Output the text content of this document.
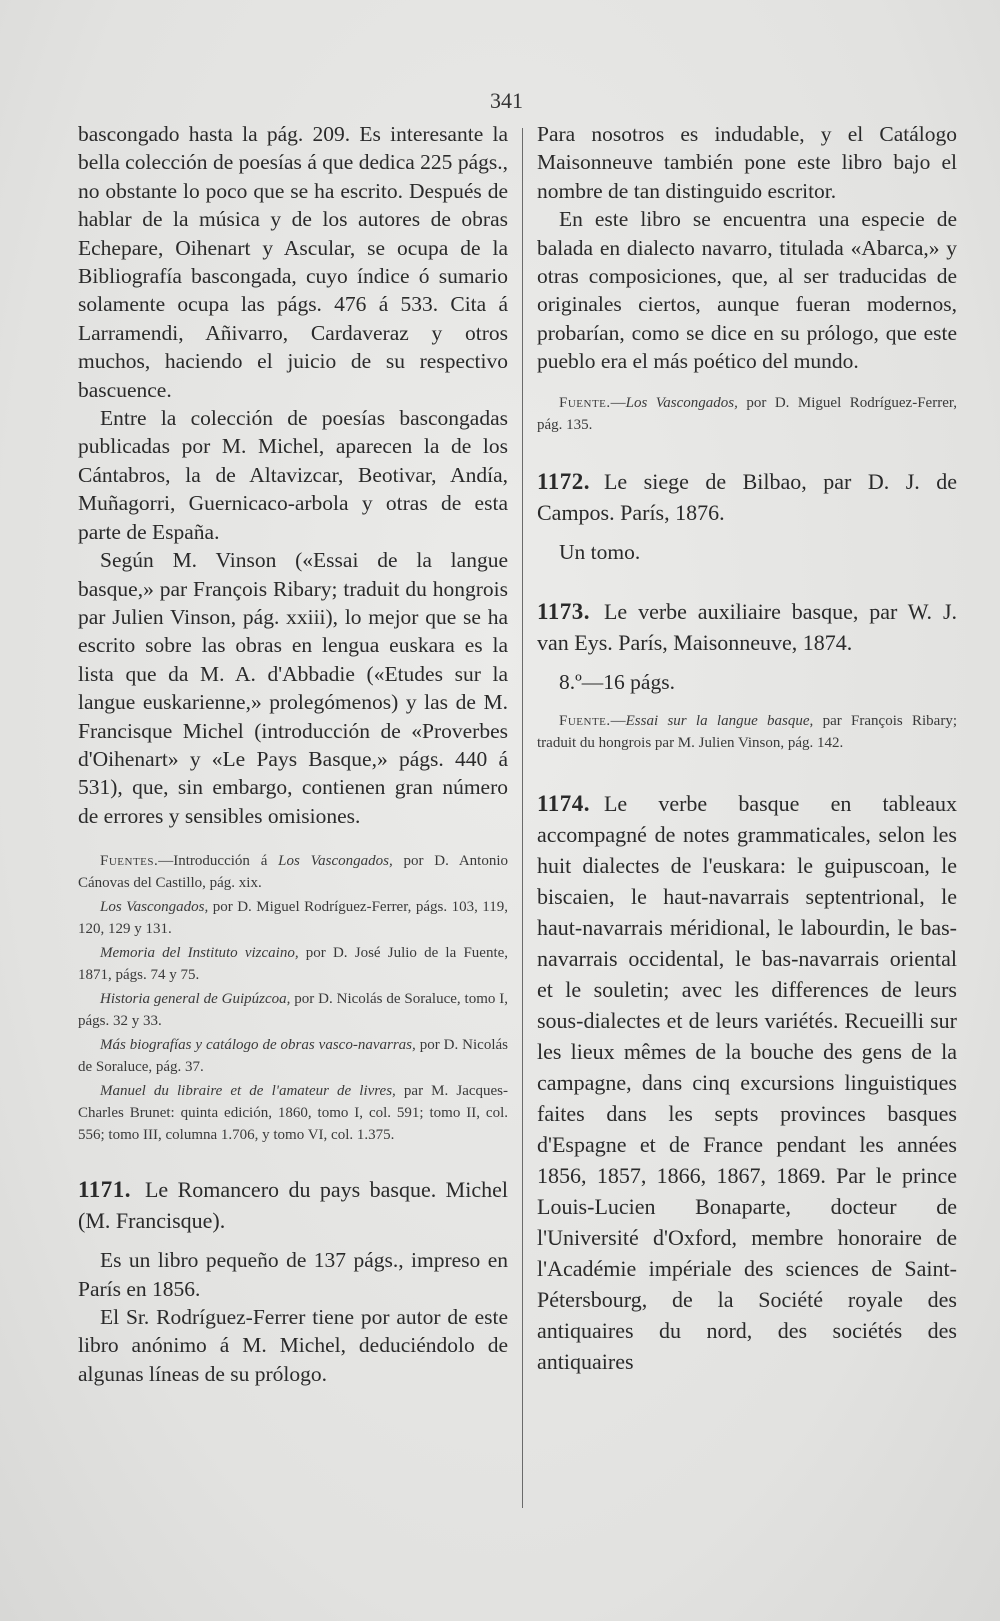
341

bascongado hasta la pág. 209. Es interesante la bella colección de poesías á que dedica 225 págs., no obstante lo poco que se ha escrito. Después de hablar de la música y de los autores de obras Echepare, Oihenart y Ascular, se ocupa de la Bibliografía bascongada, cuyo índice ó sumario solamente ocupa las págs. 476 á 533. Cita á Larramendi, Añivarro, Cardaveraz y otros muchos, haciendo el juicio de su respectivo bascuence.

Entre la colección de poesías bascongadas publicadas por M. Michel, aparecen la de los Cántabros, la de Altavizcar, Beotivar, Andía, Muñagorri, Guernicaco-arbola y otras de esta parte de España.

Según M. Vinson («Essai de la langue basque,» par François Ribary; traduit du hongrois par Julien Vinson, pág. xxiii), lo mejor que se ha escrito sobre las obras en lengua euskara es la lista que da M. A. d'Abbadie («Etudes sur la langue euskarienne,» prolegómenos) y las de M. Francisque Michel (introducción de «Proverbes d'Oihenart» y «Le Pays Basque,» págs. 440 á 531), que, sin embargo, contienen gran número de errores y sensibles omisiones.

Fuentes.—Introducción á Los Vascongados, por D. Antonio Cánovas del Castillo, pág. xix.

Los Vascongados, por D. Miguel Rodríguez-Ferrer, págs. 103, 119, 120, 129 y 131.

Memoria del Instituto vizcaino, por D. José Julio de la Fuente, 1871, págs. 74 y 75.

Historia general de Guipúzcoa, por D. Nicolás de Soraluce, tomo I, págs. 32 y 33.

Más biografías y catálogo de obras vasco-navarras, por D. Nicolás de Soraluce, pág. 37.

Manuel du libraire et de l'amateur de livres, par M. Jacques-Charles Brunet: quinta edición, 1860, tomo I, col. 591; tomo II, col. 556; tomo III, columna 1.706, y tomo VI, col. 1.375.

1171. Le Romancero du pays basque. Michel (M. Francisque).

Es un libro pequeño de 137 págs., impreso en París en 1856.

El Sr. Rodríguez-Ferrer tiene por autor de este libro anónimo á M. Michel, deduciéndolo de algunas líneas de su prólogo.

Para nosotros es indudable, y el Catálogo Maisonneuve también pone este libro bajo el nombre de tan distinguido escritor.

En este libro se encuentra una especie de balada en dialecto navarro, titulada «Abarca,» y otras composiciones, que, al ser traducidas de originales ciertos, aunque fueran modernos, probarían, como se dice en su prólogo, que este pueblo era el más poético del mundo.

Fuente.—Los Vascongados, por D. Miguel Rodríguez-Ferrer, pág. 135.

1172. Le siege de Bilbao, par D. J. de Campos. París, 1876.

Un tomo.

1173. Le verbe auxiliaire basque, par W. J. van Eys. París, Maisonneuve, 1874.

8.º—16 págs.

Fuente.—Essai sur la langue basque, par François Ribary; traduit du hongrois par M. Julien Vinson, pág. 142.

1174. Le verbe basque en tableaux accompagné de notes grammaticales, selon les huit dialectes de l'euskara: le guipuscoan, le biscaien, le haut-navarrais septentrional, le haut-navarrais méridional, le labourdin, le bas-navarrais occidental, le bas-navarrais oriental et le souletin; avec les differences de leurs sous-dialectes et de leurs variétés. Recueilli sur les lieux mêmes de la bouche des gens de la campagne, dans cinq excursions linguistiques faites dans les septs provinces basques d'Espagne et de France pendant les années 1856, 1857, 1866, 1867, 1869. Par le prince Louis-Lucien Bonaparte, docteur de l'Université d'Oxford, membre honoraire de l'Académie impériale des sciences de Saint-Pétersbourg, de la Société royale des antiquaires du nord, des sociétés des antiquaires
